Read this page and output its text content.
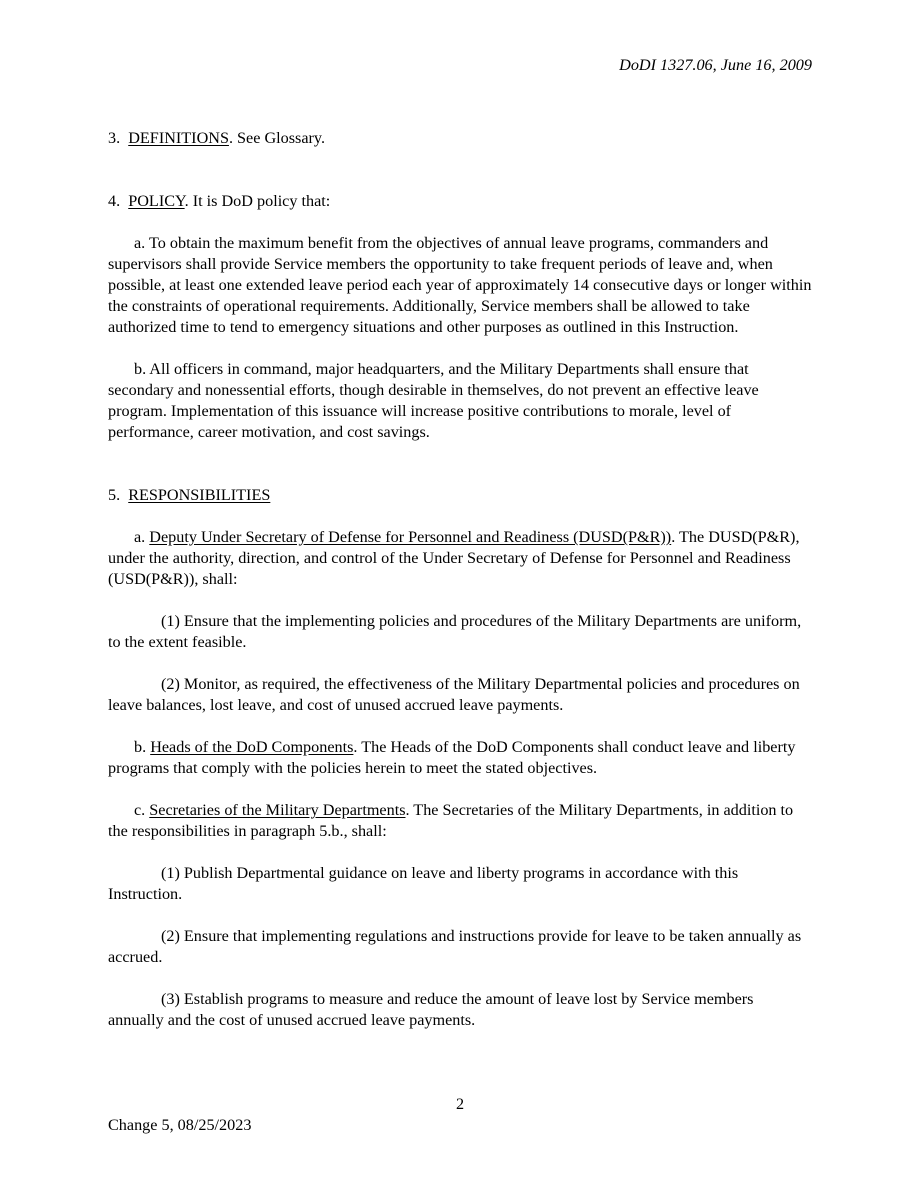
DoDI 1327.06, June 16, 2009

3. DEFINITIONS. See Glossary.

4. POLICY. It is DoD policy that:

a. To obtain the maximum benefit from the objectives of annual leave programs, commanders and supervisors shall provide Service members the opportunity to take frequent periods of leave and, when possible, at least one extended leave period each year of approximately 14 consecutive days or longer within the constraints of operational requirements. Additionally, Service members shall be allowed to take authorized time to tend to emergency situations and other purposes as outlined in this Instruction.

b. All officers in command, major headquarters, and the Military Departments shall ensure that secondary and nonessential efforts, though desirable in themselves, do not prevent an effective leave program. Implementation of this issuance will increase positive contributions to morale, level of performance, career motivation, and cost savings.

5. RESPONSIBILITIES

a. Deputy Under Secretary of Defense for Personnel and Readiness (DUSD(P&R)). The DUSD(P&R), under the authority, direction, and control of the Under Secretary of Defense for Personnel and Readiness (USD(P&R)), shall:

(1) Ensure that the implementing policies and procedures of the Military Departments are uniform, to the extent feasible.

(2) Monitor, as required, the effectiveness of the Military Departmental policies and procedures on leave balances, lost leave, and cost of unused accrued leave payments.

b. Heads of the DoD Components. The Heads of the DoD Components shall conduct leave and liberty programs that comply with the policies herein to meet the stated objectives.

c. Secretaries of the Military Departments. The Secretaries of the Military Departments, in addition to the responsibilities in paragraph 5.b., shall:

(1) Publish Departmental guidance on leave and liberty programs in accordance with this Instruction.

(2) Ensure that implementing regulations and instructions provide for leave to be taken annually as accrued.

(3) Establish programs to measure and reduce the amount of leave lost by Service members annually and the cost of unused accrued leave payments.

2
Change 5, 08/25/2023
